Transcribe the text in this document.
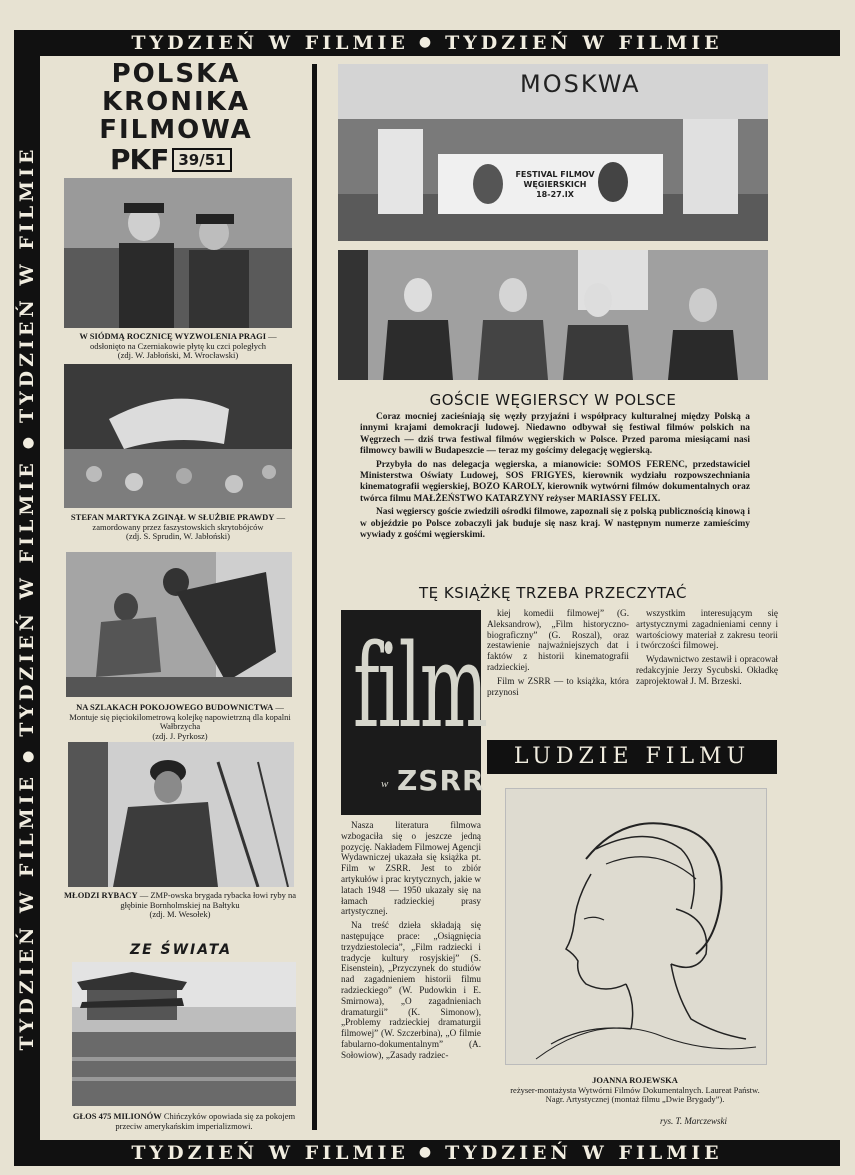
TYDZIEŃ W FILMIE ● TYDZIEŃ W FILMIE
TYDZIEŃ W FILMIE●TYDZIEŃ W FILMIE●TYDZIEŃ W FILMIE
TYDZIEŃ W FILMIE ● TYDZIEŃ W FILMIE
POLSKA
KRONIKA
FILMOWA
PKF 39/51
W SIÓDMĄ ROCZNICĘ WYZWOLENIA PRAGI — odsłonięto na Czerniakowie płytę ku czci poległych
(zdj. W. Jabłoński, M. Wrocławski)
STEFAN MARTYKA ZGINĄŁ W SŁUŻBIE PRAWDY — zamordowany przez faszystowskich skrytobójców
(zdj. S. Sprudin, W. Jabłoński)
NA SZLAKACH POKOJOWEGO BUDOWNICTWA — Montuje się pięciokilometrową kolejkę napowietrzną dla kopalni Wałbrzycha
(zdj. J. Pyrkosz)
MŁODZI RYBACY — ZMP-owska brygada rybacka łowi ryby na głębinie Bornholmskiej na Bałtyku
(zdj. M. Wesołek)
ZE ŚWIATA
GŁOS 475 MILIONÓW Chińczyków opowiada się za pokojem przeciw amerykańskim imperializmowi.
MOSKWA
FESTIVAL FILMOV
WĘGIERSKICH
18-27.IX
GOŚCIE WĘGIERSCY W POLSCE

Coraz mocniej zacieśniają się węzły przyjaźni i współpracy kulturalnej między Polską a innymi krajami demokracji ludowej. Niedawno odbywał się festiwal filmów polskich na Węgrzech — dziś trwa festiwal filmów węgierskich w Polsce. Przed paroma miesiącami nasi filmowcy bawili w Budapeszcie — teraz my gościmy delegację węgierską.

Przybyła do nas delegacja węgierska, a mianowicie: SOMOS FERENC, przedstawiciel Ministerstwa Oświaty Ludowej, SOS FRIGYES, kierownik wydziału rozpowszechniania kinematografii węgierskiej, BOZO KAROLY, kierownik wytwórni filmów dokumentalnych oraz twórca filmu MAŁŻEŃSTWO KATARZYNY reżyser MARIASSY FELIX.

Nasi węgierscy goście zwiedzili ośrodki filmowe, zapoznali się z polską publicznością kinową i w objeździe po Polsce zobaczyli jak buduje się nasz kraj. W następnym numerze zamieścimy wywiady z gośćmi węgierskimi.

TĘ KSIĄŻKĘ TRZEBA PRZECZYTAĆ
film
w ZSRR

Nasza literatura filmowa wzbogaciła się o jeszcze jedną pozycję. Nakładem Filmowej Agencji Wydawniczej ukazała się książka pt. Film w ZSRR. Jest to zbiór artykułów i prac krytycznych, jakie w latach 1948 — 1950 ukazały się na łamach radzieckiej prasy artystycznej.

Na treść dzieła składają się następujące prace: „Osiągnięcia trzydziestolecia”, „Film radziecki i tradycje kultury rosyjskiej” (S. Eisenstein), „Przyczynek do studiów nad zagadnieniem historii filmu radzieckiego” (W. Pudowkin i E. Smirnowa), „O zagadnieniach dramaturgii” (K. Simonow), „Problemy radzieckiej dramaturgii filmowej” (W. Szczerbina), „O filmie fabularno-dokumentalnym” (A. Sołowiow), „Zasady radziec-

kiej komedii filmowej” (G. Aleksandrow), „Film historyczno-biograficzny” (G. Roszal), oraz zestawienie najważniejszych dat i faktów z historii kinematografii radzieckiej.

Film w ZSRR — to książka, która przynosi

wszystkim interesującym się artystycznymi zagadnieniami cenny i wartościowy materiał z zakresu teorii i twórczości filmowej.

Wydawnictwo zestawił i opracował redakcyjnie Jerzy Sycubski. Okładkę zaprojektował J. M. Brzeski.

LUDZIE FILMU
JOANNA ROJEWSKA
reżyser-montażysta Wytwórni Filmów Dokumentalnych. Laureat Państw. Nagr. Artystycznej (montaż filmu „Dwie Brygady”).
rys. T. Marczewski
